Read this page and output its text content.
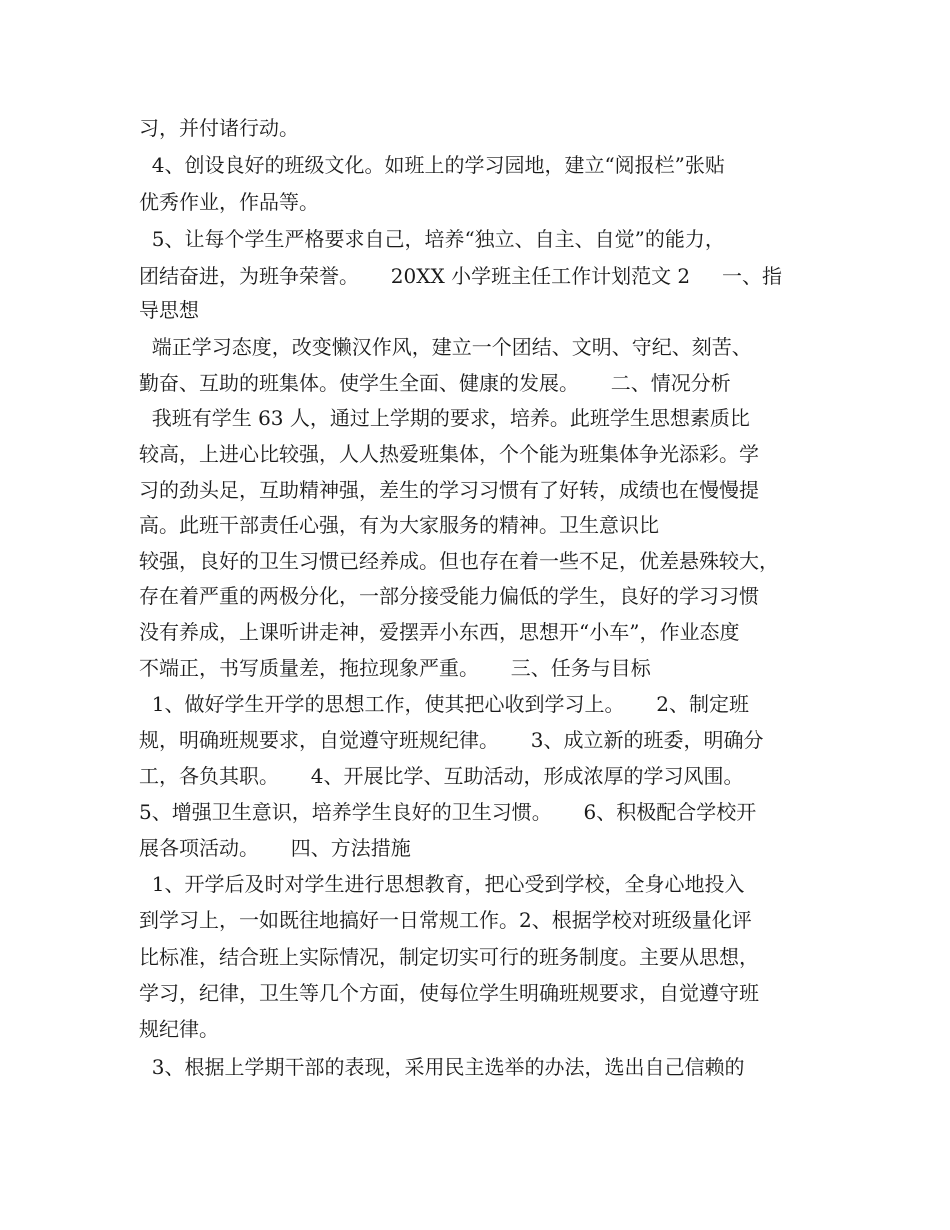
习，并付诸行动。
4、创设良好的班级文化。如班上的学习园地，建立“阅报栏”张贴
优秀作业，作品等。
5、让每个学生严格要求自己，培养“独立、自主、自觉”的能力，
团结奋进，为班争荣誉。     20XX 小学班主任工作计划范文 2     一、指
导思想
端正学习态度，改变懒汉作风，建立一个团结、文明、守纪、刻苦、
勤奋、互助的班集体。使学生全面、健康的发展。     二、情况分析
我班有学生 63 人，通过上学期的要求，培养。此班学生思想素质比
较高，上进心比较强，人人热爱班集体，个个能为班集体争光添彩。学
习的劲头足，互助精神强，差生的学习习惯有了好转，成绩也在慢慢提
高。此班干部责任心强，有为大家服务的精神。卫生意识比
较强，良好的卫生习惯已经养成。但也存在着一些不足，优差悬殊较大，
存在着严重的两极分化，一部分接受能力偏低的学生，良好的学习习惯
没有养成，上课听讲走神，爱摆弄小东西，思想开“小车”，作业态度
不端正，书写质量差，拖拉现象严重。     三、任务与目标
1、做好学生开学的思想工作，使其把心收到学习上。     2、制定班
规，明确班规要求，自觉遵守班规纪律。     3、成立新的班委，明确分
工，各负其职。     4、开展比学、互助活动，形成浓厚的学习风围。
5、增强卫生意识，培养学生良好的卫生习惯。     6、积极配合学校开
展各项活动。     四、方法措施
1、开学后及时对学生进行思想教育，把心受到学校，全身心地投入
到学习上，一如既往地搞好一日常规工作。2、根据学校对班级量化评
比标准，结合班上实际情况，制定切实可行的班务制度。主要从思想，
学习，纪律，卫生等几个方面，使每位学生明确班规要求，自觉遵守班
规纪律。
3、根据上学期干部的表现，采用民主选举的办法，选出自己信赖的
